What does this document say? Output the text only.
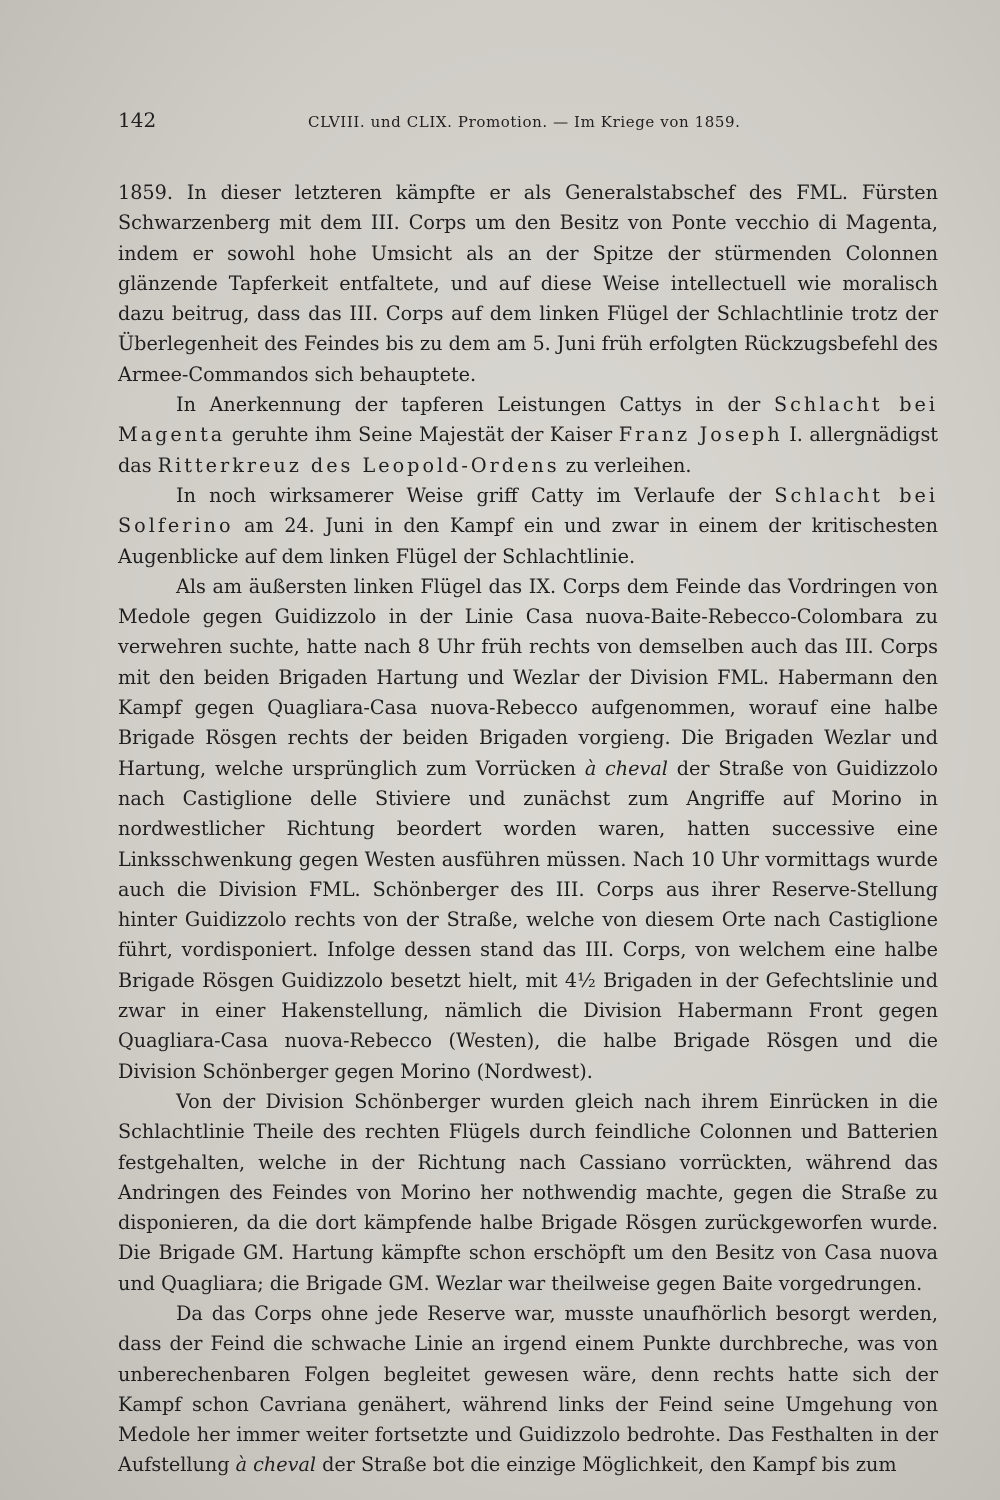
142	CLVIII. und CLIX. Promotion. — Im Kriege von 1859.

1859. In dieser letzteren kämpfte er als Generalstabschef des FML. Fürsten Schwarzenberg mit dem III. Corps um den Besitz von Ponte vecchio di Magenta, indem er sowohl hohe Umsicht als an der Spitze der stürmenden Colonnen glänzende Tapferkeit entfaltete, und auf diese Weise intellectuell wie moralisch dazu beitrug, dass das III. Corps auf dem linken Flügel der Schlachtlinie trotz der Überlegenheit des Feindes bis zu dem am 5. Juni früh erfolgten Rückzugsbefehl des Armee-Commandos sich behauptete.

In Anerkennung der tapferen Leistungen Cattys in der Schlacht bei Magenta geruhte ihm Seine Majestät der Kaiser Franz Joseph I. allergnädigst das Ritterkreuz des Leopold-Ordens zu verleihen.

In noch wirksamerer Weise griff Catty im Verlaufe der Schlacht bei Solferino am 24. Juni in den Kampf ein und zwar in einem der kritischesten Augenblicke auf dem linken Flügel der Schlachtlinie.

Als am äußersten linken Flügel das IX. Corps dem Feinde das Vordringen von Medole gegen Guidizzolo in der Linie Casa nuova-Baite-Rebecco-Colombara zu verwehren suchte, hatte nach 8 Uhr früh rechts von demselben auch das III. Corps mit den beiden Brigaden Hartung und Wezlar der Division FML. Habermann den Kampf gegen Quagliara-Casa nuova-Rebecco aufgenommen, worauf eine halbe Brigade Rösgen rechts der beiden Brigaden vorgieng. Die Brigaden Wezlar und Hartung, welche ursprünglich zum Vorrücken à cheval der Straße von Guidizzolo nach Castiglione delle Stiviere und zunächst zum Angriffe auf Morino in nordwestlicher Richtung beordert worden waren, hatten successive eine Linksschwenkung gegen Westen ausführen müssen. Nach 10 Uhr vormittags wurde auch die Division FML. Schönberger des III. Corps aus ihrer Reserve-Stellung hinter Guidizzolo rechts von der Straße, welche von diesem Orte nach Castiglione führt, vordisponiert. Infolge dessen stand das III. Corps, von welchem eine halbe Brigade Rösgen Guidizzolo besetzt hielt, mit 4½ Brigaden in der Gefechtslinie und zwar in einer Hakenstellung, nämlich die Division Habermann Front gegen Quagliara-Casa nuova-Rebecco (Westen), die halbe Brigade Rösgen und die Division Schönberger gegen Morino (Nordwest).

Von der Division Schönberger wurden gleich nach ihrem Einrücken in die Schlachtlinie Theile des rechten Flügels durch feindliche Colonnen und Batterien festgehalten, welche in der Richtung nach Cassiano vorrückten, während das Andringen des Feindes von Morino her nothwendig machte, gegen die Straße zu disponieren, da die dort kämpfende halbe Brigade Rösgen zurückgeworfen wurde. Die Brigade GM. Hartung kämpfte schon erschöpft um den Besitz von Casa nuova und Quagliara; die Brigade GM. Wezlar war theilweise gegen Baite vorgedrungen.

Da das Corps ohne jede Reserve war, musste unaufhörlich besorgt werden, dass der Feind die schwache Linie an irgend einem Punkte durchbreche, was von unberechenbaren Folgen begleitet gewesen wäre, denn rechts hatte sich der Kampf schon Cavriana genähert, während links der Feind seine Umgehung von Medole her immer weiter fortsetzte und Guidizzolo bedrohte. Das Festhalten in der Aufstellung à cheval der Straße bot die einzige Möglichkeit, den Kampf bis zum
